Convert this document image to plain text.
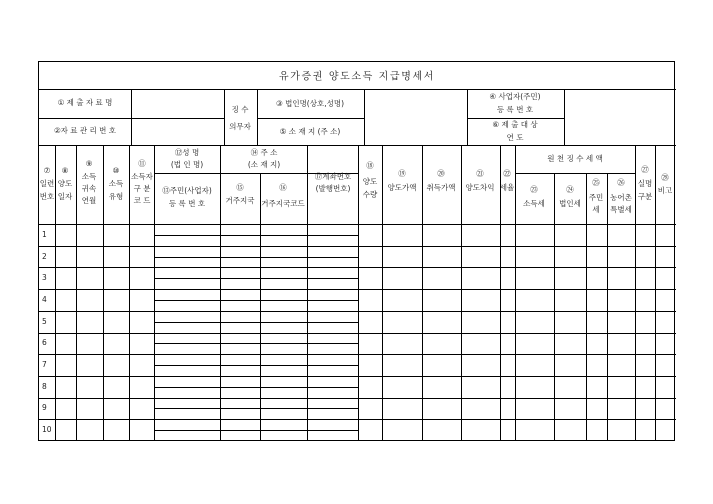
유가증권 양도소득 지급명세서
① 제 출 자 료 명
②자 료 관 리 번 호
징 수
의무자
③ 법인명(상호,성명)
⑤ 소 재 지 (주 소)
④ 사업자(주민)
등 록 번 호
⑥ 제 출 대 상
연 도
⑦
일련
번호
⑧
양도
일자
⑨
소득
귀속
연월
⑩
소득
유형
⑪
소득자
구 분
코 드
⑫성 명
(법 인 명)
⑬주민(사업자)
등 록 번 호
⑭ 주 소
(소 재 지)
⑮
거주지국
⑯
거주지국코드
⑰계좌번호
(발행번호)
⑱
양도
수량
⑲
양도가액
⑳
취득가액
㉑
양도차익
㉒
세율
원 천 징 수 세 액
㉓
소득세
㉔
법인세
㉕
주민
세
㉖
농어촌
특별세
㉗
실명
구분
㉘
비고
1
2
3
4
5
6
7
8
9
10
